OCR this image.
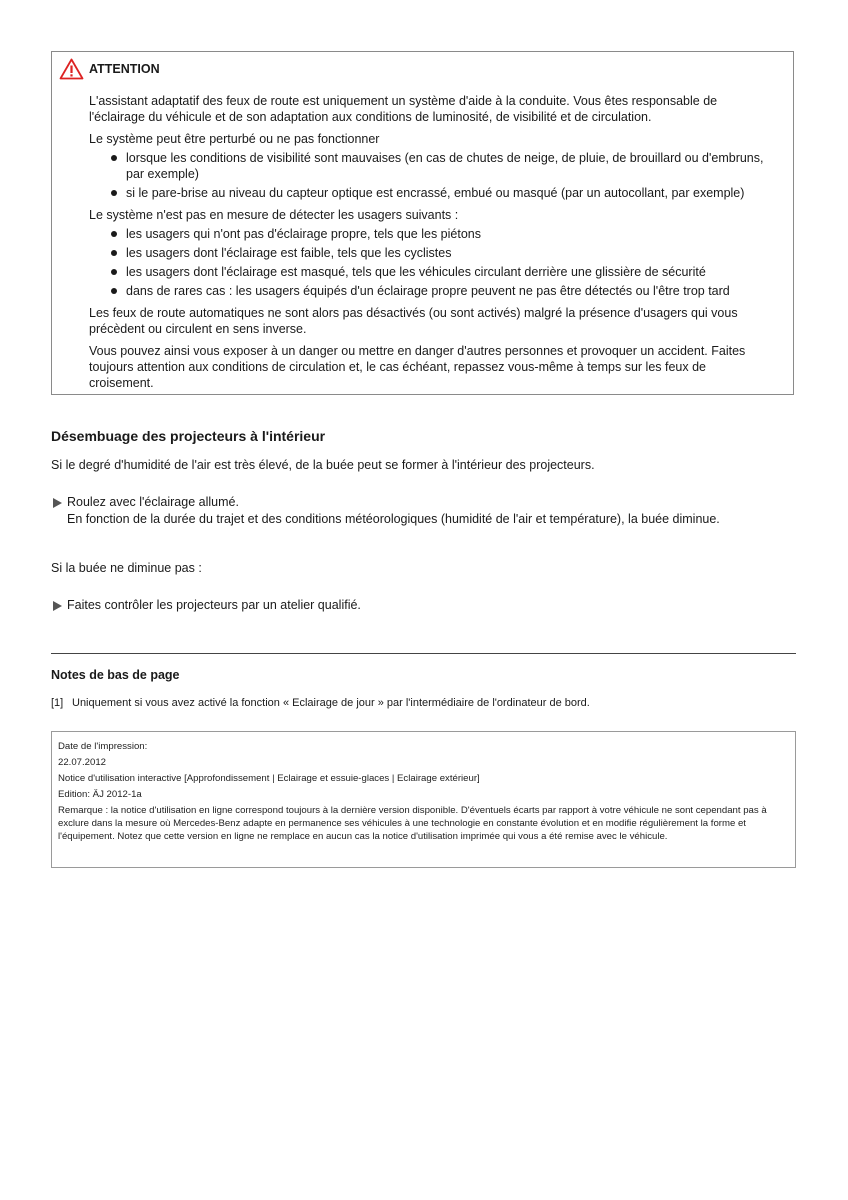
ATTENTION

L'assistant adaptatif des feux de route est uniquement un système d'aide à la conduite. Vous êtes responsable de l'éclairage du véhicule et de son adaptation aux conditions de luminosité, de visibilité et de circulation.

Le système peut être perturbé ou ne pas fonctionner

lorsque les conditions de visibilité sont mauvaises (en cas de chutes de neige, de pluie, de brouillard ou d'embruns, par exemple)
si le pare-brise au niveau du capteur optique est encrassé, embué ou masqué (par un autocollant, par exemple)

Le système n'est pas en mesure de détecter les usagers suivants :

les usagers qui n'ont pas d'éclairage propre, tels que les piétons
les usagers dont l'éclairage est faible, tels que les cyclistes
les usagers dont l'éclairage est masqué, tels que les véhicules circulant derrière une glissière de sécurité
dans de rares cas : les usagers équipés d'un éclairage propre peuvent ne pas être détectés ou l'être trop tard

Les feux de route automatiques ne sont alors pas désactivés (ou sont activés) malgré la présence d'usagers qui vous précèdent ou circulent en sens inverse.

Vous pouvez ainsi vous exposer à un danger ou mettre en danger d'autres personnes et provoquer un accident. Faites toujours attention aux conditions de circulation et, le cas échéant, repassez vous-même à temps sur les feux de croisement.

Désembuage des projecteurs à l'intérieur
Si le degré d'humidité de l'air est très élevé, de la buée peut se former à l'intérieur des projecteurs.
Roulez avec l'éclairage allumé.
En fonction de la durée du trajet et des conditions météorologiques (humidité de l'air et température), la buée diminue.
Si la buée ne diminue pas :
Faites contrôler les projecteurs par un atelier qualifié.
Notes de bas de page
[1] Uniquement si vous avez activé la fonction « Eclairage de jour » par l'intermédiaire de l'ordinateur de bord.
Date de l'impression:
22.07.2012
Notice d'utilisation interactive [Approfondissement | Eclairage et essuie-glaces | Eclairage extérieur]
Edition: ÄJ 2012-1a
Remarque : la notice d'utilisation en ligne correspond toujours à la dernière version disponible. D'éventuels écarts par rapport à votre véhicule ne sont cependant pas à exclure dans la mesure où Mercedes-Benz adapte en permanence ses véhicules à une technologie en constante évolution et en modifie régulièrement la forme et l'équipement. Notez que cette version en ligne ne remplace en aucun cas la notice d'utilisation imprimée qui vous a été remise avec le véhicule.
